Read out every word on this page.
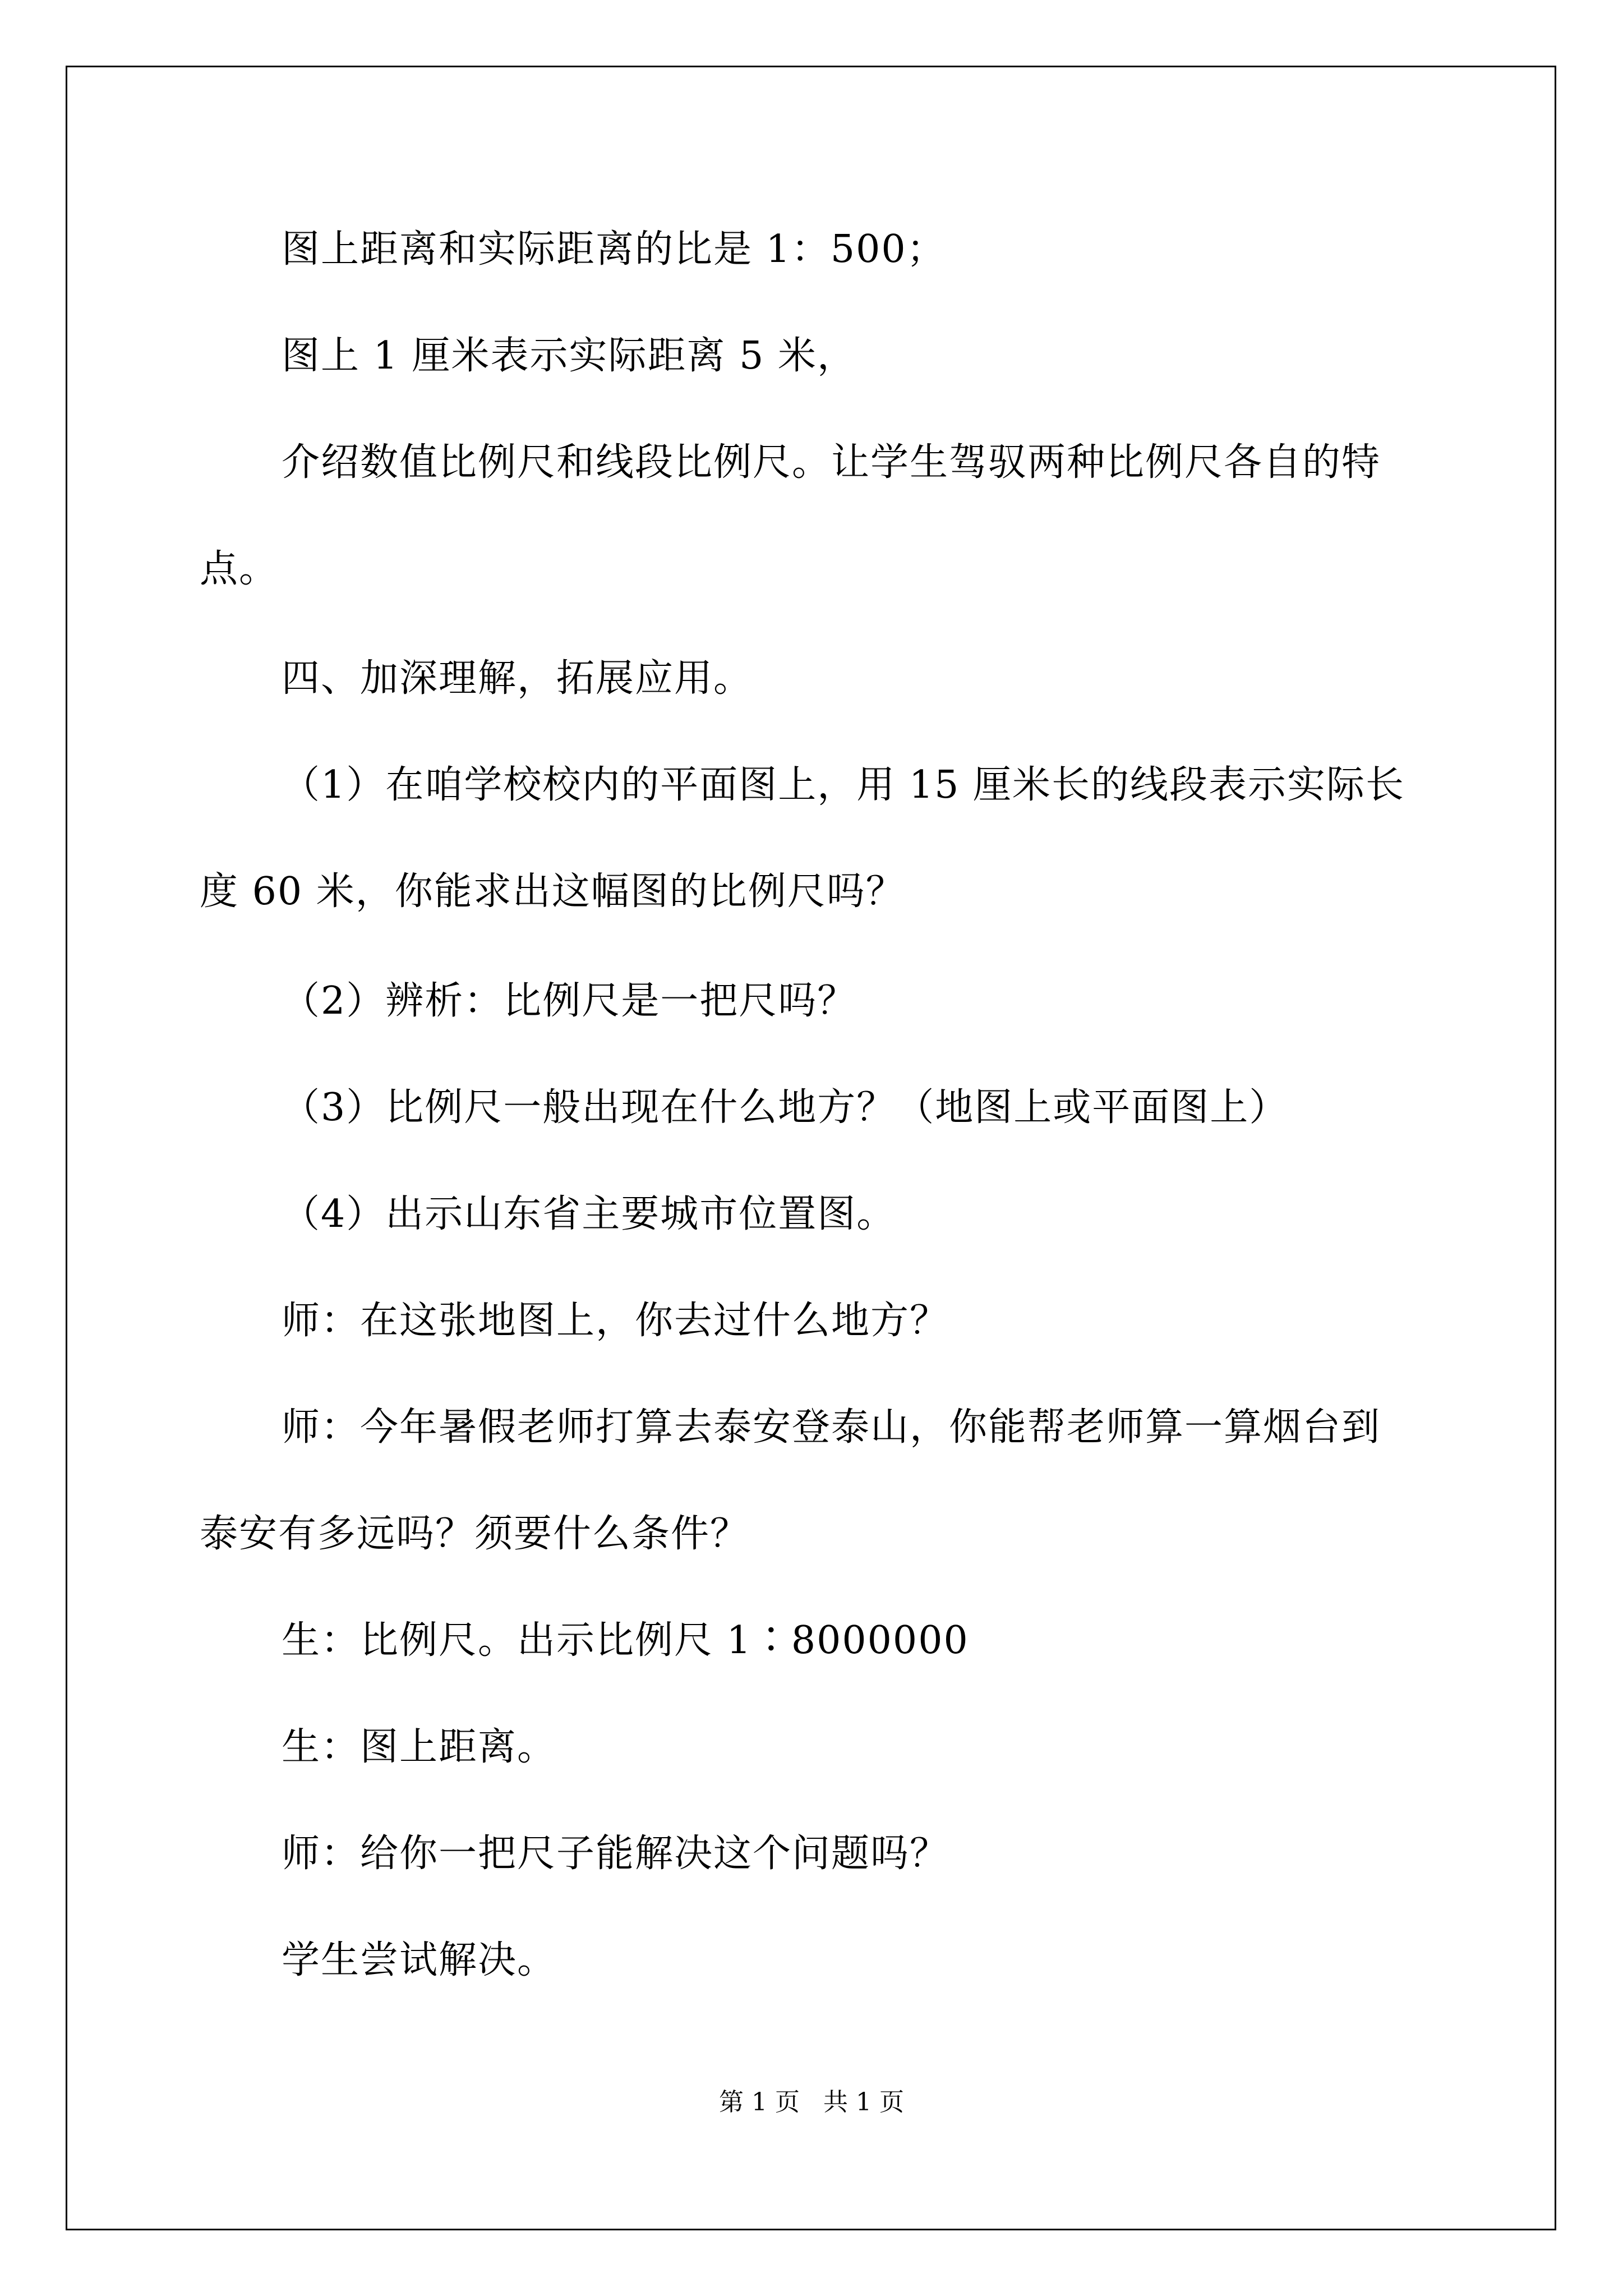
图上距离和实际距离的比是 1：500；
图上 1 厘米表示实际距离 5 米，
介绍数值比例尺和线段比例尺。让学生驾驭两种比例尺各自的特
点。
四、加深理解，拓展应用。
（1）在咱学校校内的平面图上，用 15 厘米长的线段表示实际长
度 60 米，你能求出这幅图的比例尺吗？
（2）辨析：比例尺是一把尺吗？
（3）比例尺一般出现在什么地方？（地图上或平面图上）
（4）出示山东省主要城市位置图。
师：在这张地图上，你去过什么地方？
师：今年暑假老师打算去泰安登泰山，你能帮老师算一算烟台到
泰安有多远吗？须要什么条件？
生：比例尺。出示比例尺 1∶8000000
生：图上距离。
师：给你一把尺子能解决这个问题吗？
学生尝试解决。
第 1 页   共 1 页
